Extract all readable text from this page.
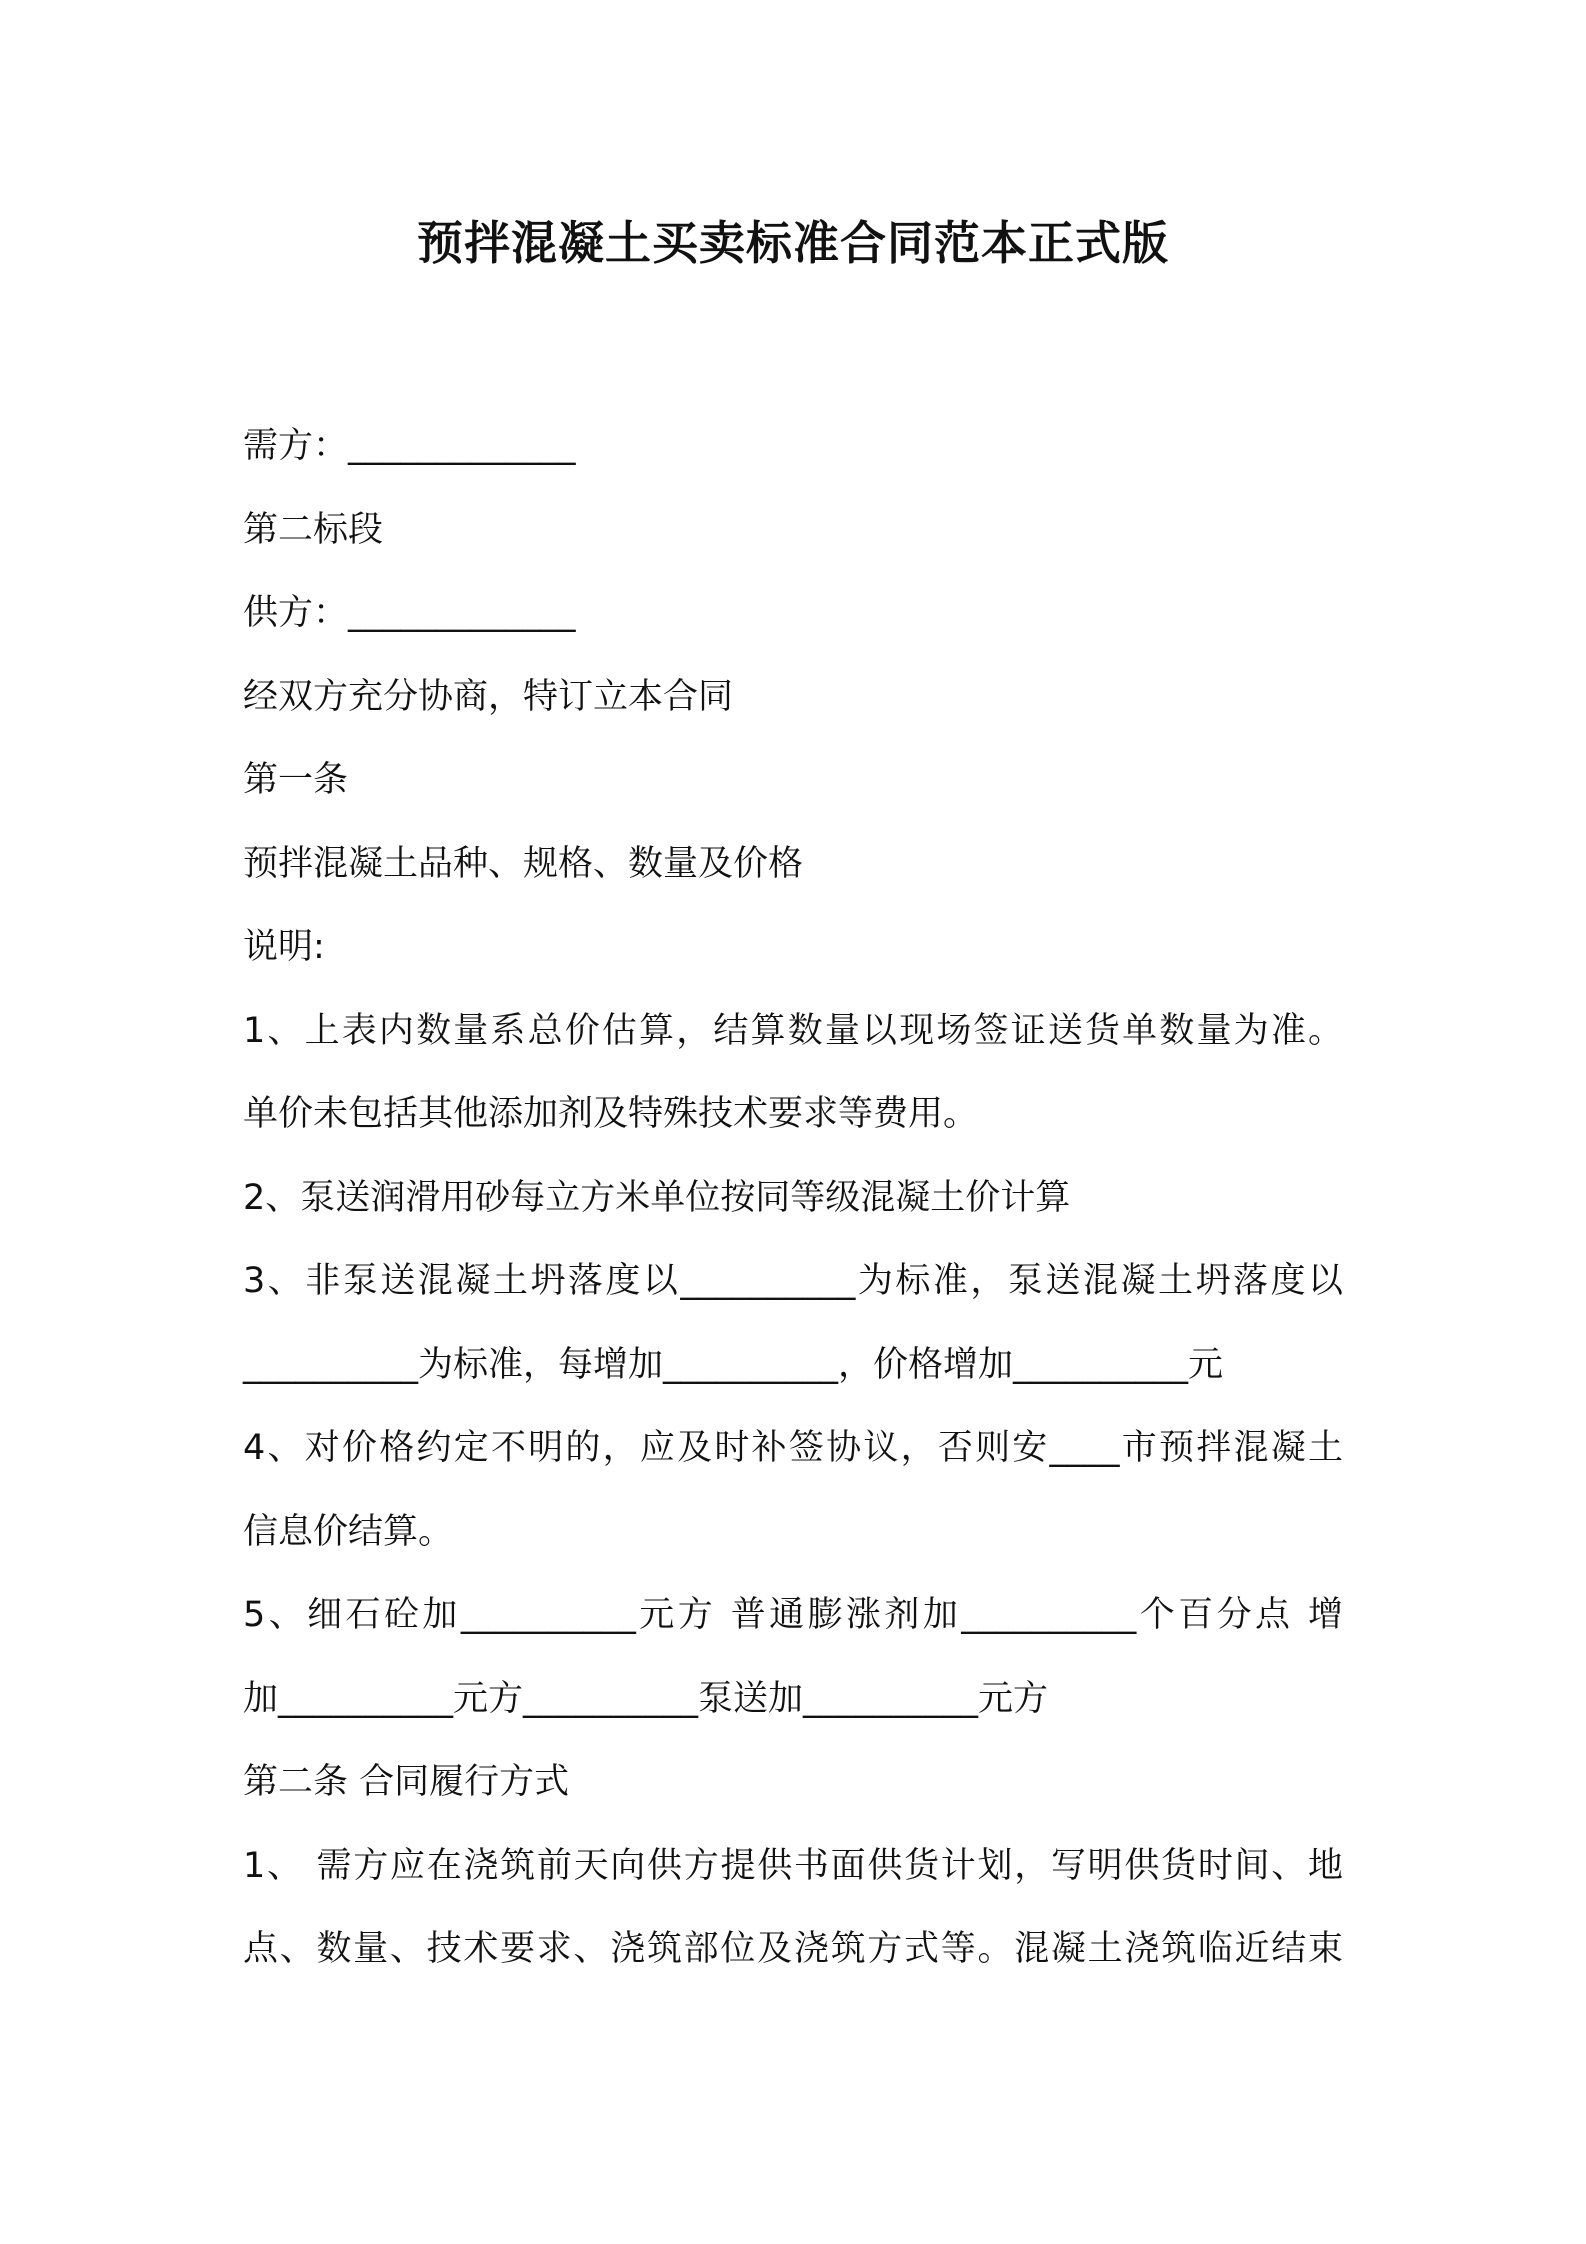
预拌混凝土买卖标准合同范本正式版
需方：_____________
第二标段
供方：_____________
经双方充分协商，特订立本合同
第一条
预拌混凝土品种、规格、数量及价格
说明:
1、上表内数量系总价估算，结算数量以现场签证送货单数量为准。
单价未包括其他添加剂及特殊技术要求等费用。
2、泵送润滑用砂每立方米单位按同等级混凝土价计算
3、非泵送混凝土坍落度以__________为标准，泵送混凝土坍落度以
__________为标准，每增加__________，价格增加__________元
4、对价格约定不明的，应及时补签协议，否则安____市预拌混凝土
信息价结算。
5、细石砼加__________元方 普通膨涨剂加__________个百分点 增
加__________元方__________泵送加__________元方
第二条 合同履行方式
1、 需方应在浇筑前天向供方提供书面供货计划，写明供货时间、地
点、数量、技术要求、浇筑部位及浇筑方式等。混凝土浇筑临近结束
